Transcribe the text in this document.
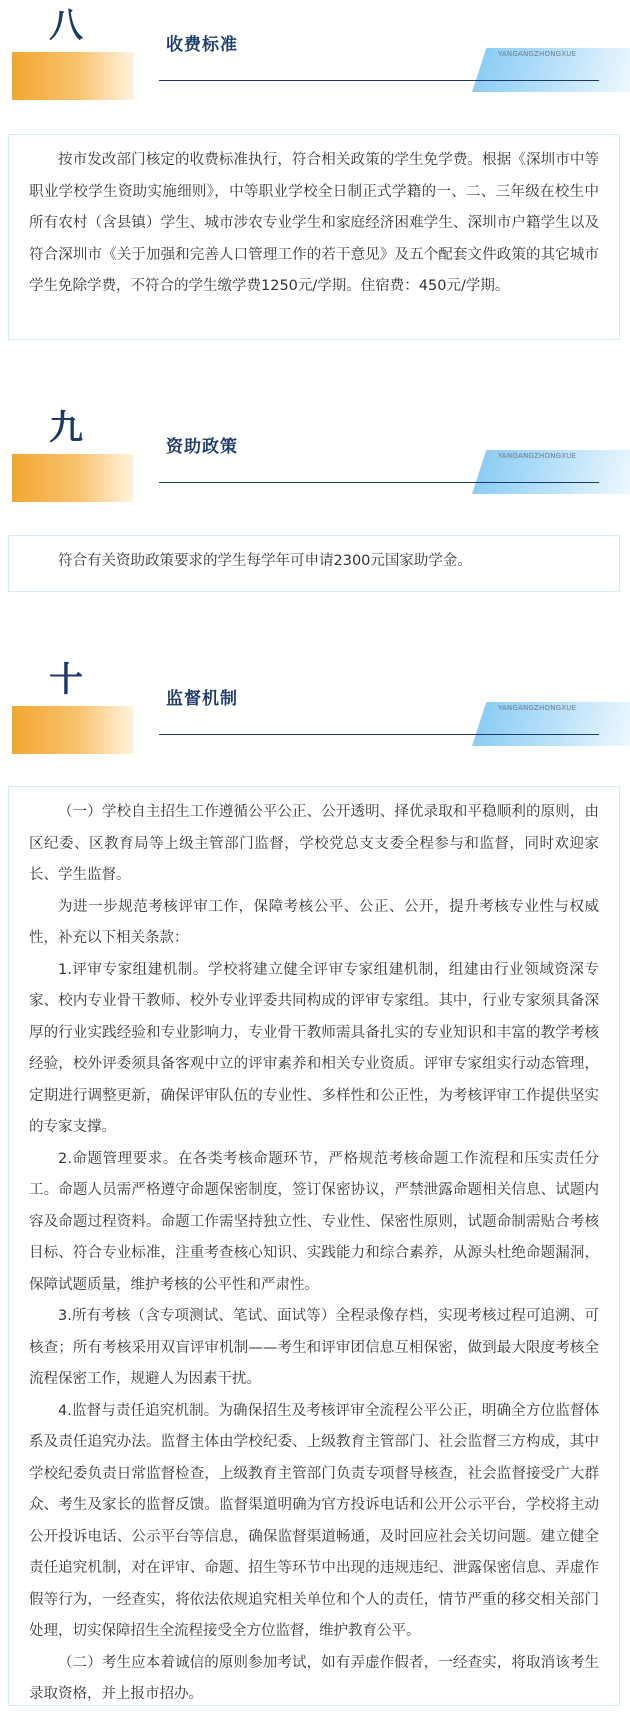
八	收费标准	YANGANGZHONGXUE

按市发改部门核定的收费标准执行，符合相关政策的学生免学费。根据《深圳市中等职业学校学生资助实施细则》，中等职业学校全日制正式学籍的一、二、三年级在校生中所有农村（含县镇）学生、城市涉农专业学生和家庭经济困难学生、深圳市户籍学生以及符合深圳市《关于加强和完善人口管理工作的若干意见》及五个配套文件政策的其它城市学生免除学费，不符合的学生缴学费1250元/学期。住宿费：450元/学期。

九	资助政策	YANGANGZHONGXUE

符合有关资助政策要求的学生每学年可申请2300元国家助学金。

十	监督机制	YANGANGZHONGXUE

（一）学校自主招生工作遵循公平公正、公开透明、择优录取和平稳顺利的原则，由区纪委、区教育局等上级主管部门监督，学校党总支支委全程参与和监督，同时欢迎家长、学生监督。

为进一步规范考核评审工作，保障考核公平、公正、公开，提升考核专业性与权威性，补充以下相关条款：

1.评审专家组建机制。学校将建立健全评审专家组建机制，组建由行业领域资深专家、校内专业骨干教师、校外专业评委共同构成的评审专家组。其中，行业专家须具备深厚的行业实践经验和专业影响力，专业骨干教师需具备扎实的专业知识和丰富的教学考核经验，校外评委须具备客观中立的评审素养和相关专业资质。评审专家组实行动态管理，定期进行调整更新，确保评审队伍的专业性、多样性和公正性，为考核评审工作提供坚实的专家支撑。

2.命题管理要求。在各类考核命题环节，严格规范考核命题工作流程和压实责任分工。命题人员需严格遵守命题保密制度，签订保密协议，严禁泄露命题相关信息、试题内容及命题过程资料。命题工作需坚持独立性、专业性、保密性原则，试题命制需贴合考核目标、符合专业标准，注重考查核心知识、实践能力和综合素养，从源头杜绝命题漏洞，保障试题质量，维护考核的公平性和严肃性。

3.所有考核（含专项测试、笔试、面试等）全程录像存档，实现考核过程可追溯、可核查；所有考核采用双盲评审机制——考生和评审团信息互相保密，做到最大限度考核全流程保密工作，规避人为因素干扰。

4.监督与责任追究机制。为确保招生及考核评审全流程公平公正，明确全方位监督体系及责任追究办法。监督主体由学校纪委、上级教育主管部门、社会监督三方构成，其中学校纪委负责日常监督检查，上级教育主管部门负责专项督导核查，社会监督接受广大群众、考生及家长的监督反馈。监督渠道明确为官方投诉电话和公开公示平台，学校将主动公开投诉电话、公示平台等信息，确保监督渠道畅通，及时回应社会关切问题。建立健全责任追究机制，对在评审、命题、招生等环节中出现的违规违纪、泄露保密信息、弄虚作假等行为，一经查实，将依法依规追究相关单位和个人的责任，情节严重的移交相关部门处理，切实保障招生全流程接受全方位监督，维护教育公平。

（二）考生应本着诚信的原则参加考试，如有弄虚作假者，一经查实，将取消该考生录取资格，并上报市招办。
